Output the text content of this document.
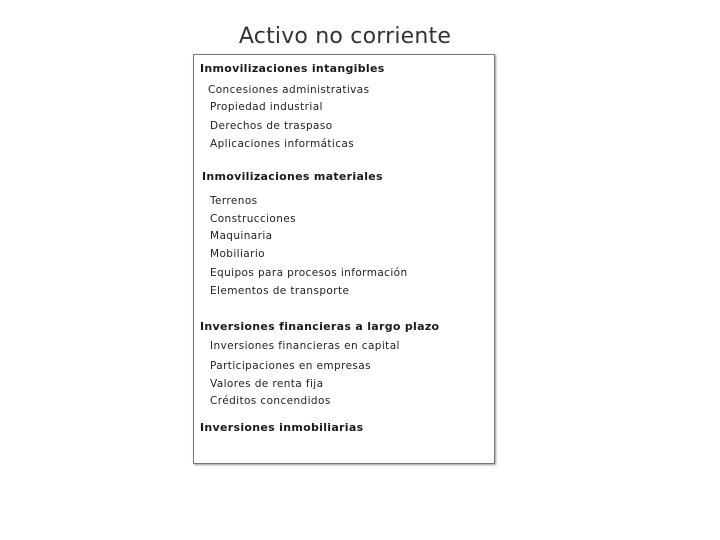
Activo no corriente
Inmovilizaciones intangibles
Concesiones administrativas
Propiedad industrial
Derechos de traspaso
Aplicaciones informáticas
Inmovilizaciones materiales
Terrenos
Construcciones
Maquinaria
Mobiliario
Equipos para procesos información
Elementos de transporte
Inversiones financieras a largo plazo
Inversiones financieras en capital
Participaciones en empresas
Valores de renta fija
Créditos concendidos
Inversiones inmobiliarias
